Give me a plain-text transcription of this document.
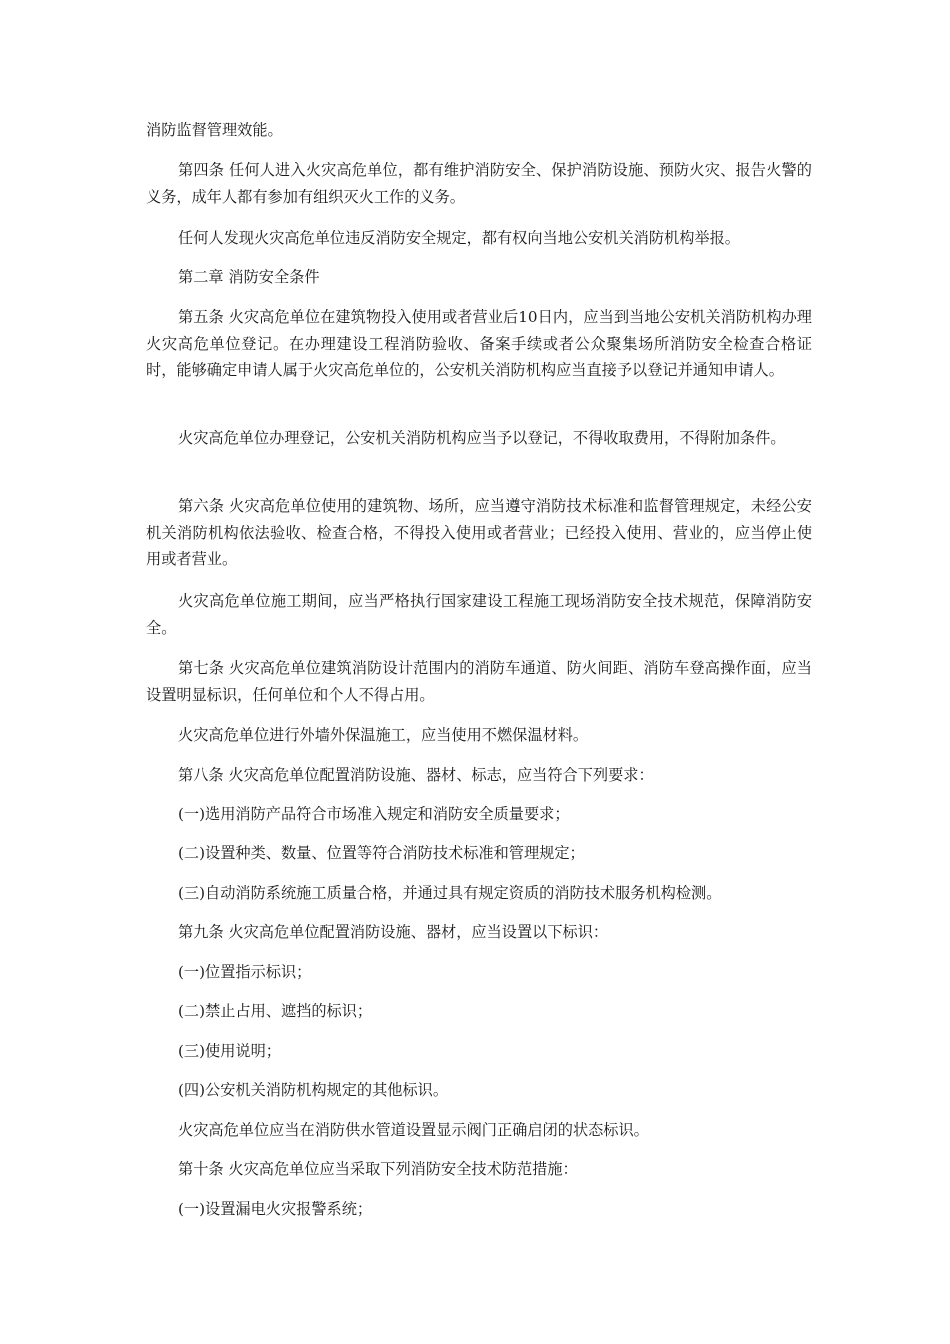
消防监督管理效能。

第四条 任何人进入火灾高危单位，都有维护消防安全、保护消防设施、预防火灾、报告火警的义务，成年人都有参加有组织灭火工作的义务。

任何人发现火灾高危单位违反消防安全规定，都有权向当地公安机关消防机构举报。

第二章 消防安全条件

第五条 火灾高危单位在建筑物投入使用或者营业后10日内，应当到当地公安机关消防机构办理火灾高危单位登记。在办理建设工程消防验收、备案手续或者公众聚集场所消防安全检查合格证时，能够确定申请人属于火灾高危单位的，公安机关消防机构应当直接予以登记并通知申请人。

火灾高危单位办理登记，公安机关消防机构应当予以登记，不得收取费用，不得附加条件。

第六条 火灾高危单位使用的建筑物、场所，应当遵守消防技术标准和监督管理规定，未经公安机关消防机构依法验收、检查合格，不得投入使用或者营业；已经投入使用、营业的，应当停止使用或者营业。

火灾高危单位施工期间，应当严格执行国家建设工程施工现场消防安全技术规范，保障消防安全。

第七条 火灾高危单位建筑消防设计范围内的消防车通道、防火间距、消防车登高操作面，应当设置明显标识，任何单位和个人不得占用。

火灾高危单位进行外墙外保温施工，应当使用不燃保温材料。

第八条 火灾高危单位配置消防设施、器材、标志，应当符合下列要求：

(一)选用消防产品符合市场准入规定和消防安全质量要求；

(二)设置种类、数量、位置等符合消防技术标准和管理规定；

(三)自动消防系统施工质量合格，并通过具有规定资质的消防技术服务机构检测。

第九条 火灾高危单位配置消防设施、器材，应当设置以下标识：

(一)位置指示标识；

(二)禁止占用、遮挡的标识；

(三)使用说明；

(四)公安机关消防机构规定的其他标识。

火灾高危单位应当在消防供水管道设置显示阀门正确启闭的状态标识。

第十条 火灾高危单位应当采取下列消防安全技术防范措施：

(一)设置漏电火灾报警系统；
